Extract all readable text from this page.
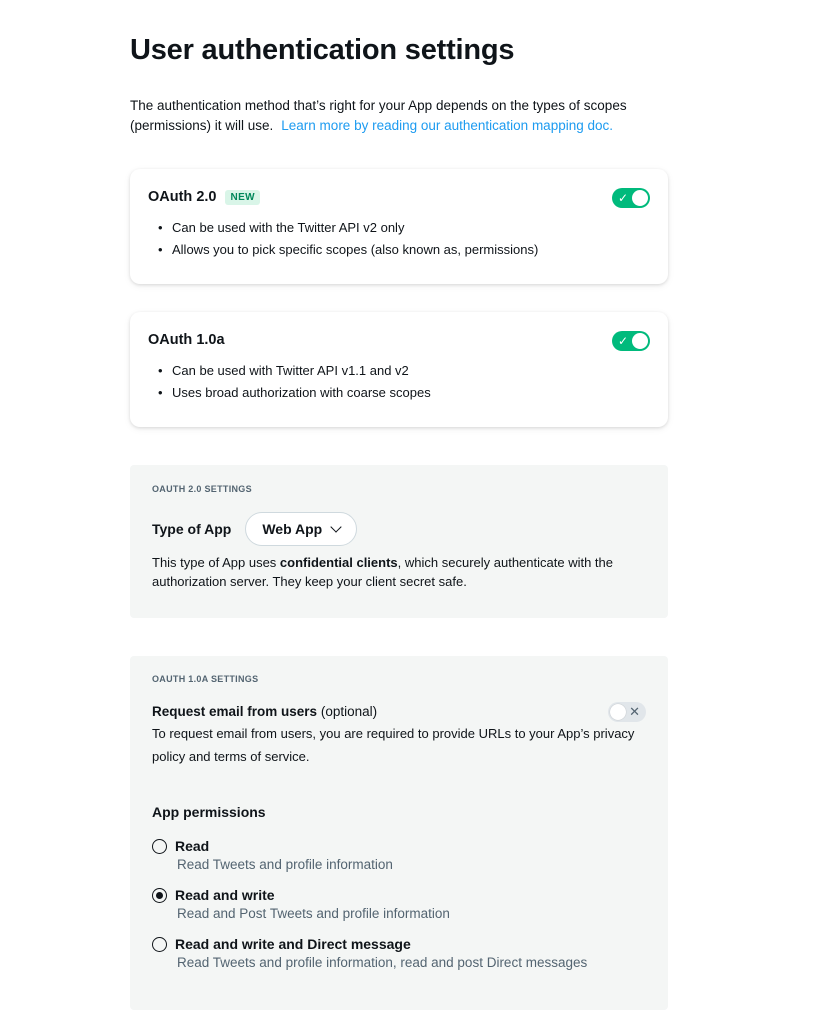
User authentication settings

The authentication method that’s right for your App depends on the types of scopes (permissions) it will use. Learn more by reading our authentication mapping doc.

OAuth 2.0	NEW	✓
• Can be used with the Twitter API v2 only
• Allows you to pick specific scopes (also known as, permissions)
OAuth 1.0a	✓
• Can be used with Twitter API v1.1 and v2
• Uses broad authorization with coarse scopes
OAUTH 2.0 SETTINGS
Type of App Web App

This type of App uses confidential clients, which securely authenticate with the authorization server. They keep your client secret safe.

OAUTH 1.0A SETTINGS
Request email from users (optional)	✕

To request email from users, you are required to provide URLs to your App’s privacy policy and terms of service.

App permissions
Read
Read Tweets and profile information
Read and write
Read and Post Tweets and profile information
Read and write and Direct message
Read Tweets and profile information, read and post Direct messages
